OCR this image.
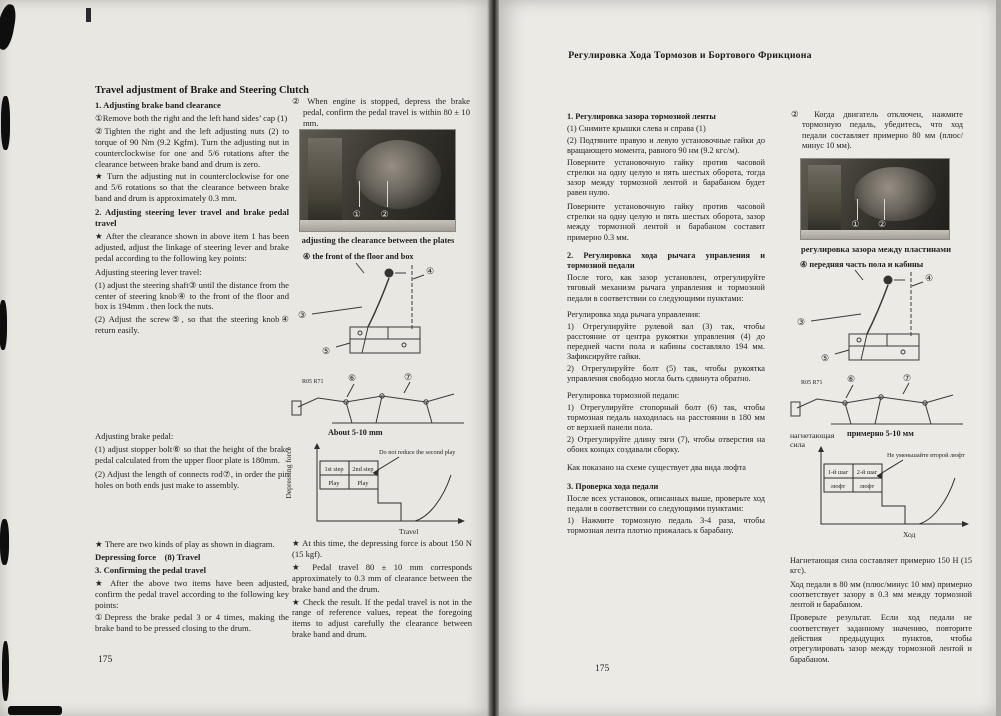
Travel adjustment of Brake and Steering Clutch
1. Adjusting brake band clearance
①Remove both the right and the left hand sides’ cap (1)
②Tighten the right and the left adjusting nuts (2) to torque of 90 Nm (9.2 Kgfm). Turn the adjusting nut in counterclockwise for one and 5/6 rotations after the clearance between brake band and drum is zero.
★ Turn the adjusting nut in counterclockwise for one and 5/6 rotations so that the clearance between brake band and drum is approximately 0.3 mm.
2. Adjusting steering lever travel and brake pedal travel
★ After the clearance shown in above item 1 has been adjusted, adjust the linkage of steering lever and brake pedal according to the following key points:
Adjusting steering lever travel:
(1) adjust the steering shaft③ until the distance from the center of steering knob④ to the front of the floor and box is 194mm . then lock the nuts.
(2) Adjust the screw⑤, so that the steering knob④ return easily.
Adjusting brake pedal:
(1) adjust stopper bolt⑥ so that the height of the brake pedal calculated from the upper floor plate is 180mm.
(2) Adjust the length of connects rod⑦, in order the pin holes on both ends just make to assembly.
★ There are two kinds of play as shown in diagram.
Depressing force    (8) Travel
3. Confirming the pedal travel
★ After the above two items have been adjusted, confirm the pedal travel according to the following key points:
①Depress the brake pedal 3 or 4 times, making the brake band to be pressed closing to the drum.
175
② When engine is stopped, depress the brake pedal, confirm the pedal travel is within 80 ± 10 mm.
① ②
adjusting the clearance between the plates
④ the front of the floor and box
③
④
⑤
R05 R71	⑥	⑦
About 5-10 mm
Depressing force	1st step 2nd step
Play	Play
Do not reduce the second play
Travel
★ At this time, the depressing force is about 150 N (15 kgf).
★ Pedal travel 80 ± 10 mm corresponds approximately to 0.3 mm of clearance between the brake band and the drum.
★ Check the result. If the pedal travel is not in the range of reference values, repeat the foregoing items to adjust carefully the clearance between brake band and drum.
Регулировка Хода Тормозов и Бортового Фрикциона
1. Регулировка зазора тормозной ленты
(1) Снимите крышки слева и справа (1)
(2) Подтяните правую и левую установочные гайки до вращающего момента, равного 90 нм (9.2 кгс/м).
Поверните установочную гайку против часовой стрелки на одну целую и пять шестых оборота, тогда зазор между тормозной лентой и барабаном будет равен нулю.
Поверните установочную гайку против часовой стрелки на одну целую и пять шестых оборота, зазор между тормозной лентой и барабаном составит примерно 0.3 мм.
2. Регулировка хода рычага управления и тормозной педали
После того, как зазор установлен, отрегулируйте тяговый механизм рычага управления и тормозной педали в соответствии со следующими пунктами:
Регулировка хода рычага управления:
1) Отрегулируйте рулевой вал (3) так, чтобы расстояние от центра рукоятки управления (4) до передней части пола и кабины составляло 194 мм. Зафиксируйте гайки.
2) Отрегулируйте болт (5) так, чтобы рукоятка управления свободно могла быть сдвинута обратно.
Регулировка тормозной педали:
1) Отрегулируйте стопорный болт (6) так, чтобы тормозная педаль находилась на расстоянии в 180 мм от верхней панели пола.
2) Отрегулируйте длину тяги (7), чтобы отверстия на обоих концах создавали сборку.
Как показано на схеме существует два вида люфта
3. Проверка хода педали
После всех установок, описанных выше, проверьте ход педали в соответствии со следующими пунктами:
1) Нажмите тормозную педаль 3-4 раза, чтобы тормозная лента плотно прижалась к барабану.
175
② Когда двигатель отключен, нажмите тормозную педаль, убедитесь, что ход педали составляет примерно 80 мм (плюс/минус 10 мм).
① ②
регулировка зазора между пластинами
④ передняя часть пола и кабины
③
④
⑤
R05 R71	⑥	⑦
нагнетающая сила
примерно 5-10 мм
1-й шаг 2-й шаг
люфт люфт
Не уменьшайте второй люфт
Ход
Нагнетающая сила составляет примерно 150 Н (15 кгс).
Ход педали в 80 мм (плюс/минус 10 мм) примерно соответствует зазору в 0.3 мм между тормозной лентой и барабаном.
Проверьте результат. Если ход педали не соответствует заданному значению, повторите действия предыдущих пунктов, чтобы отрегулировать зазор между тормозной лентой и барабаном.
